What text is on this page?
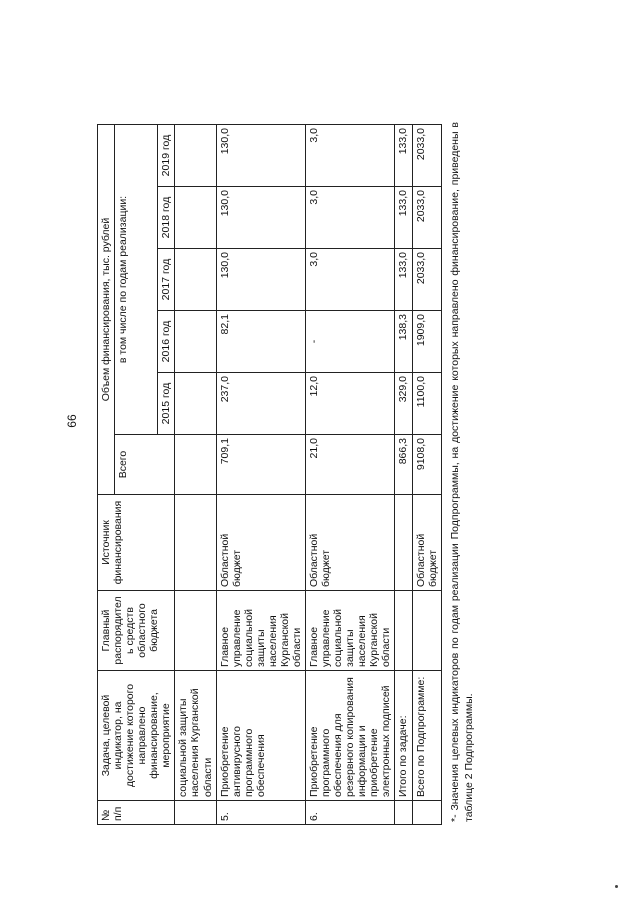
66
№ п/п	Задача, целевой индикатор, на достижение которого направлено финансирование, мероприятие	Главный распорядитель средств областного бюджета	Источник финансирования	Объем финансирования, тыс. рублей					
				Всего	в том числе по годам реализации:				
					2015 год	2016 год	2017 год	2018 год	2019 год
	социальной защиты населения Курганской области								
5.	Приобретение антивирусного программного обеспечения	Главное управление социальной защиты населения Курганской области	Областной бюджет	709,1	237,0	82,1	130,0	130,0	130,0
6.	Приобретение программного обеспечения для резервного копирования информации и приобретение электронных подписей	Главное управление социальной защиты населения Курганской области	Областной бюджет	21,0	12,0	-	3,0	3,0	3,0
	Итого по задаче:			866,3	329,0	138,3	133,0	133,0	133,0
	Всего по Подпрограмме:		Областной бюджет	9108,0	1100,0	1909,0	2033,0	2033,0	2033,0 *- Значения целевых индикаторов по годам реализации Подпрограммы, на достижение которых направлено финансирование, приведены в таблице 2 Подпрограммы.
